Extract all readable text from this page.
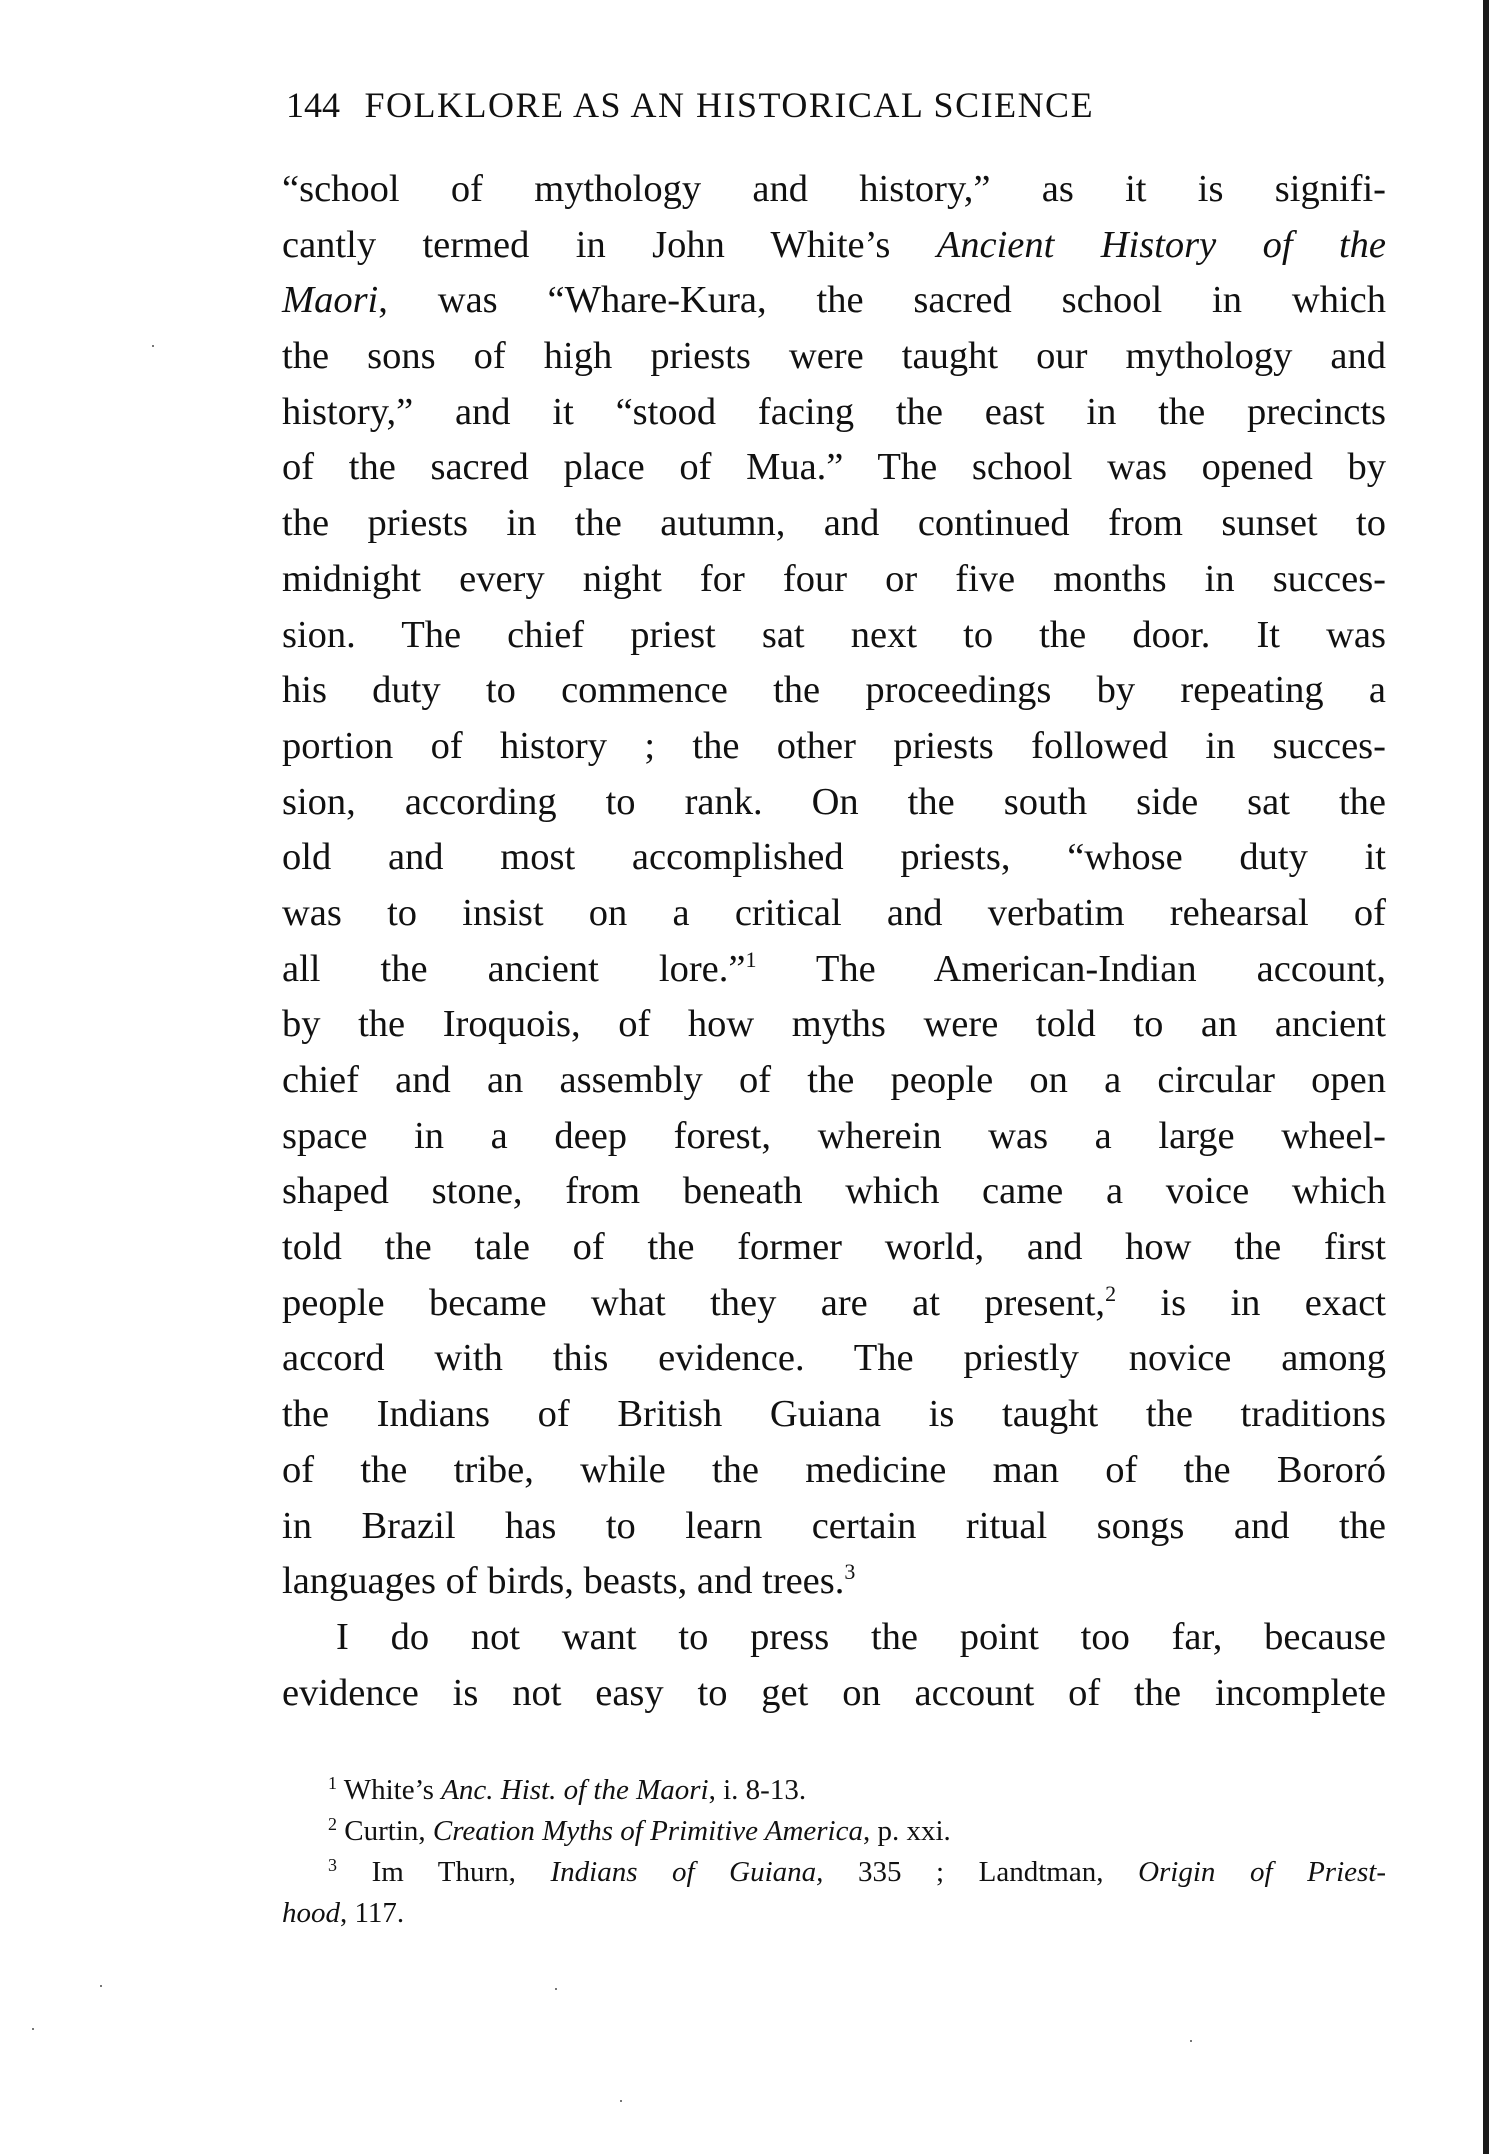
144 FOLKLORE AS AN HISTORICAL SCIENCE
“school of mythology and history,” as it is signifi-
cantly termed in John White’s Ancient History of the
Maori, was “Whare-Kura, the sacred school in which
the sons of high priests were taught our mythology and
history,” and it “stood facing the east in the precincts
of the sacred place of Mua.” The school was opened by
the priests in the autumn, and continued from sunset to
midnight every night for four or five months in succes-
sion. The chief priest sat next to the door. It was
his duty to commence the proceedings by repeating a
portion of history ; the other priests followed in succes-
sion, according to rank. On the south side sat the
old and most accomplished priests, “whose duty it
was to insist on a critical and verbatim rehearsal of
all the ancient lore.”$^1$ The American-Indian account,
by the Iroquois, of how myths were told to an ancient
chief and an assembly of the people on a circular open
space in a deep forest, wherein was a large wheel-
shaped stone, from beneath which came a voice which
told the tale of the former world, and how the first
people became what they are at present,$^2$ is in exact
accord with this evidence. The priestly novice among
the Indians of British Guiana is taught the traditions
of the tribe, while the medicine man of the Bororó
in Brazil has to learn certain ritual songs and the
languages of birds, beasts, and trees.$^3$
I do not want to press the point too far, because
evidence is not easy to get on account of the incomplete
$^1$ White’s Anc. Hist. of the Maori, i. 8-13.
$^2$ Curtin, Creation Myths of Primitive America, p. xxi.
$^3$ Im Thurn, Indians of Guiana, 335 ; Landtman, Origin of Priest-
hood, 117.
